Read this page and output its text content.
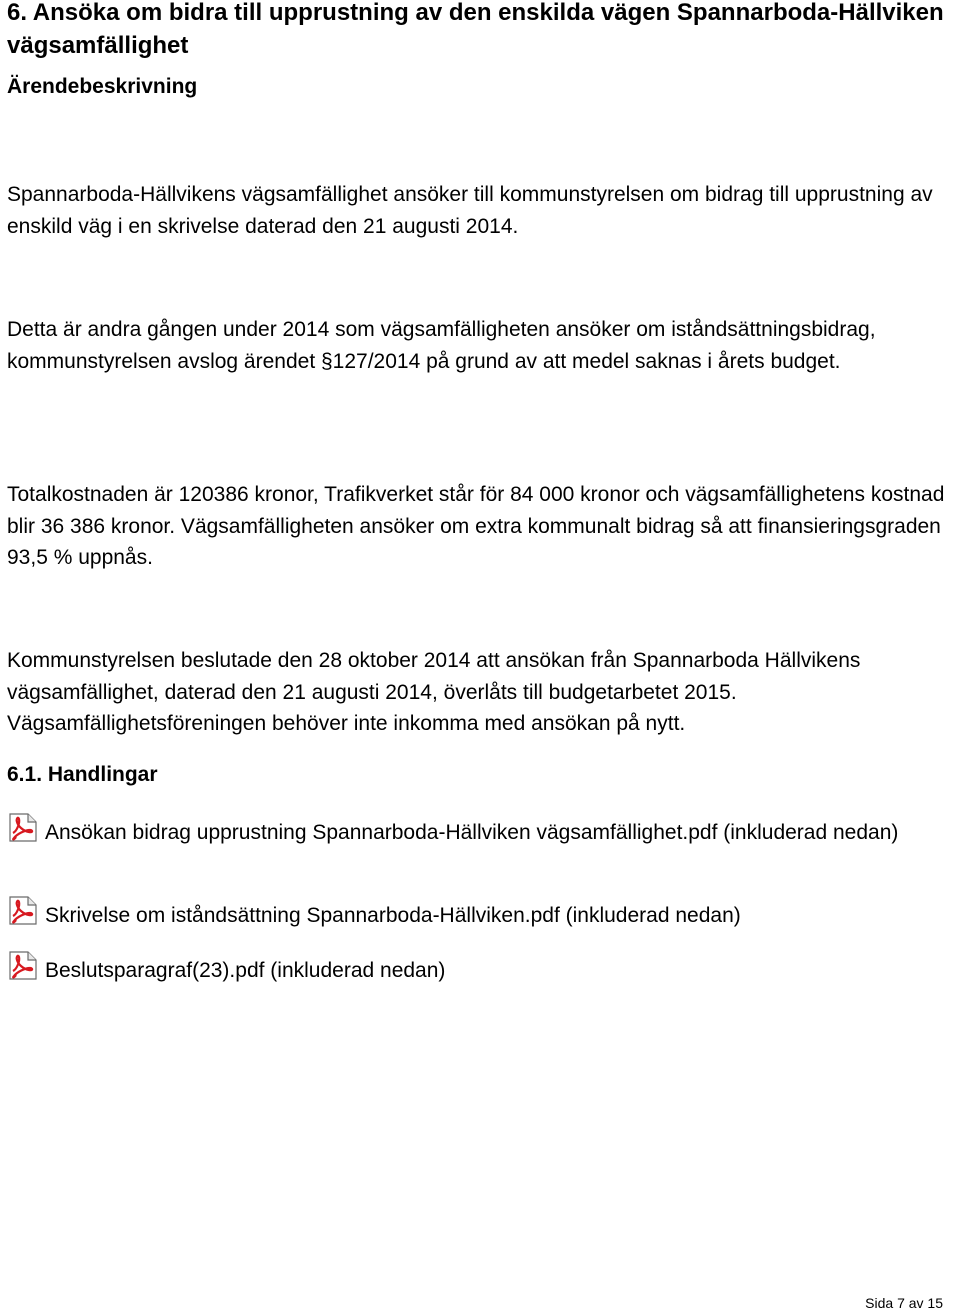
6. Ansöka om bidra till upprustning av den enskilda vägen Spannarboda-Hällviken vägsamfällighet
Ärendebeskrivning

Spannarboda-Hällvikens vägsamfällighet ansöker till kommunstyrelsen om bidrag till upprustning av enskild väg i en skrivelse daterad den 21 augusti 2014.

Detta är andra gången under 2014 som vägsamfälligheten ansöker om iståndsättningsbidrag, kommunstyrelsen avslog ärendet §127/2014 på grund av att medel saknas i årets budget.

Totalkostnaden är 120386 kronor, Trafikverket står för 84 000 kronor och vägsamfällighetens kostnad blir 36 386 kronor. Vägsamfälligheten ansöker om extra kommunalt bidrag så att finansieringsgraden 93,5 % uppnås.

Kommunstyrelsen beslutade den 28 oktober 2014 att ansökan från Spannarboda Hällvikens vägsamfällighet, daterad den 21 augusti 2014, överlåts till budgetarbetet 2015. Vägsamfällighetsföreningen behöver inte inkomma med ansökan på nytt.

6.1. Handlingar
Ansökan bidrag upprustning Spannarboda-Hällviken vägsamfällighet.pdf (inkluderad nedan)
Skrivelse om iståndsättning Spannarboda-Hällviken.pdf (inkluderad nedan)
Beslutsparagraf(23).pdf (inkluderad nedan)
Sida 7 av 15
